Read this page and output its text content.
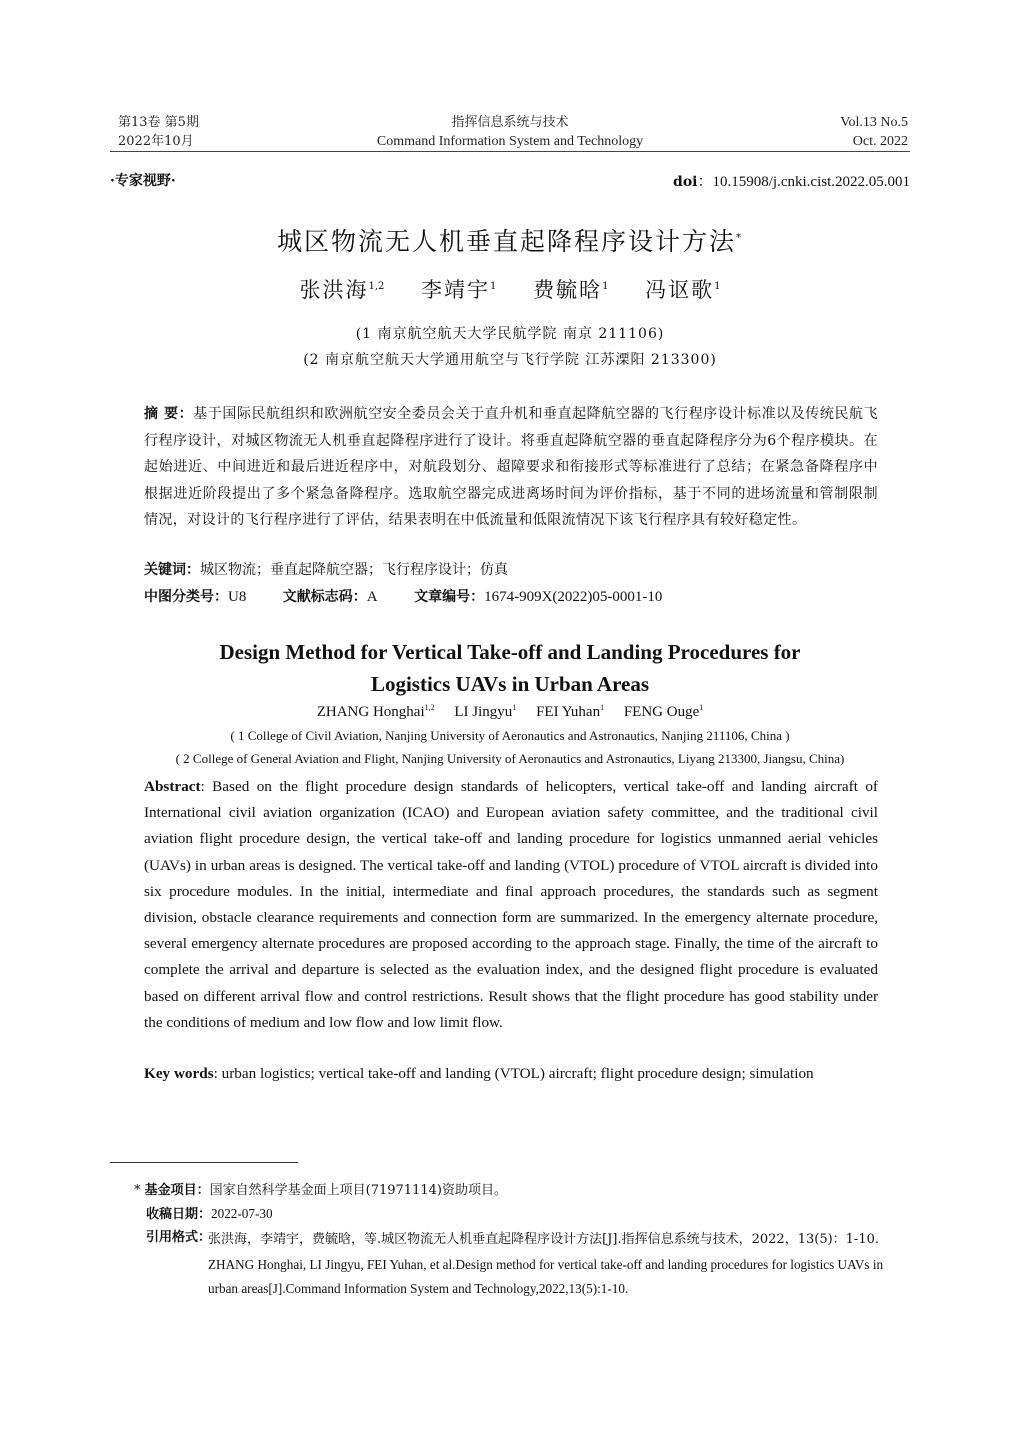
第13卷 第5期
2022年10月
指挥信息系统与技术
Command Information System and Technology
Vol.13 No.5
Oct. 2022
·专家视野·	doi：10.15908/j.cnki.cist.2022.05.001
城区物流无人机垂直起降程序设计方法*
张洪海$^{1,2}$ 李靖宇$^1$ 费毓晗$^1$ 冯讴歌$^1$
(1 南京航空航天大学民航学院 南京 211106)
(2 南京航空航天大学通用航空与飞行学院 江苏溧阳 213300)
摘 要：基于国际民航组织和欧洲航空安全委员会关于直升机和垂直起降航空器的飞行程序设计标准以及传统民航飞行程序设计，对城区物流无人机垂直起降程序进行了设计。将垂直起降航空器的垂直起降程序分为6个程序模块。在起始进近、中间进近和最后进近程序中，对航段划分、超障要求和衔接形式等标准进行了总结；在紧急备降程序中根据进近阶段提出了多个紧急备降程序。选取航空器完成进离场时间为评价指标，基于不同的进场流量和管制限制情况，对设计的飞行程序进行了评估，结果表明在中低流量和低限流情况下该飞行程序具有较好稳定性。
关键词：城区物流；垂直起降航空器；飞行程序设计；仿真
中图分类号：U8	文献标志码：A	文章编号：1674-909X(2022)05-0001-10
Design Method for Vertical Take-off and Landing Procedures for
Logistics UAVs in Urban Areas
ZHANG Honghai$^{1,2}$ LI Jingyu$^1$ FEI Yuhan$^1$ FENG Ouge$^1$
( 1 College of Civil Aviation, Nanjing University of Aeronautics and Astronautics, Nanjing 211106, China )
( 2 College of General Aviation and Flight, Nanjing University of Aeronautics and Astronautics, Liyang 213300, Jiangsu, China)
Abstract: Based on the flight procedure design standards of helicopters, vertical take-off and landing aircraft of International civil aviation organization (ICAO) and European aviation safety committee, and the traditional civil aviation flight procedure design, the vertical take-off and landing procedure for logistics unmanned aerial vehicles (UAVs) in urban areas is designed. The vertical take-off and landing (VTOL) procedure of VTOL aircraft is divided into six procedure modules. In the initial, intermediate and final approach procedures, the standards such as segment division, obstacle clearance requirements and connection form are summarized. In the emergency alternate procedure, several emergency alternate procedures are proposed according to the approach stage. Finally, the time of the aircraft to complete the arrival and departure is selected as the evaluation index, and the designed flight procedure is evaluated based on different arrival flow and control restrictions. Result shows that the flight procedure has good stability under the conditions of medium and low flow and low limit flow.
Key words: urban logistics; vertical take-off and landing (VTOL) aircraft; flight procedure design; simulation
* 基金项目：国家自然科学基金面上项目(71971114)资助项目。
收稿日期：2022-07-30
引用格式：
张洪海，李靖宇，费毓晗，等.城区物流无人机垂直起降程序设计方法[J].指挥信息系统与技术，2022，13(5)：1-10.
ZHANG Honghai, LI Jingyu, FEI Yuhan, et al.Design method for vertical take-off and landing procedures for logistics UAVs in urban areas[J].Command Information System and Technology,2022,13(5):1-10.
